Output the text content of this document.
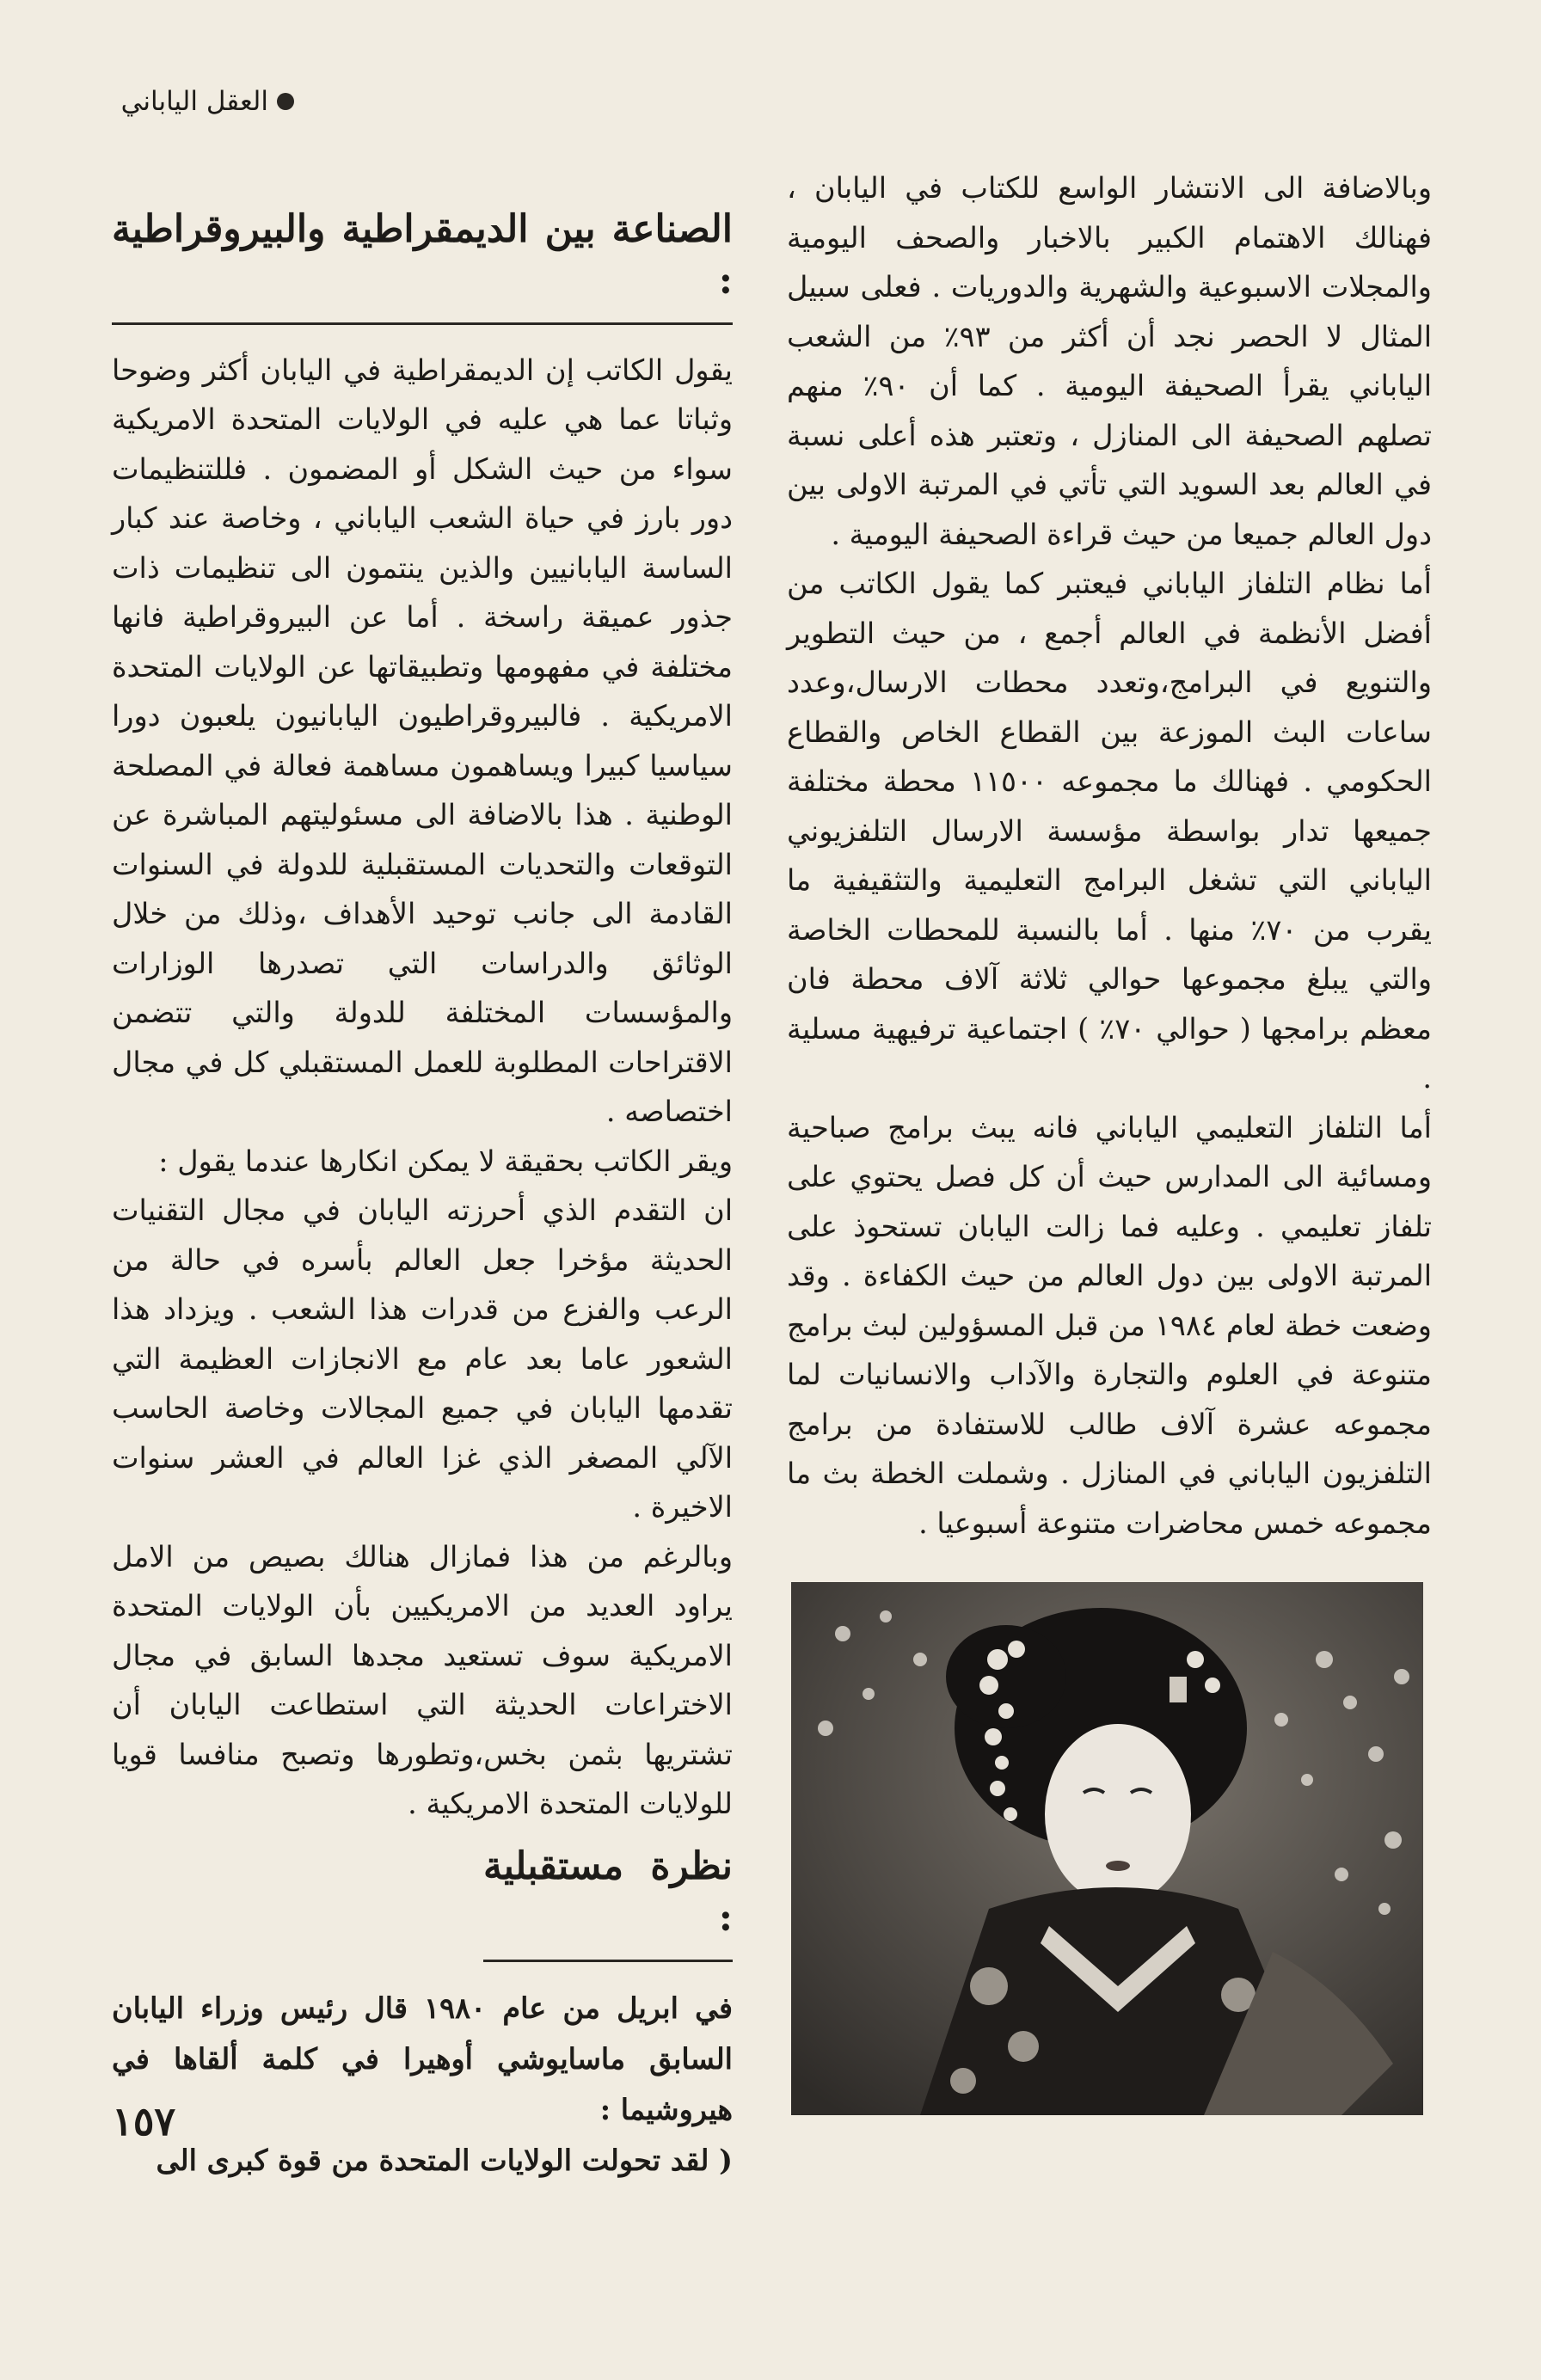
العقل الياباني

وبالاضافة الى الانتشار الواسع للكتاب في اليابان ، فهنالك الاهتمام الكبير بالاخبار والصحف اليومية والمجلات الاسبوعية والشهرية والدوريات . فعلى سبيل المثال لا الحصر نجد أن أكثر من ٩٣٪ من الشعب الياباني يقرأ الصحيفة اليومية . كما أن ٩٠٪ منهم تصلهم الصحيفة الى المنازل ، وتعتبر هذه أعلى نسبة في العالم بعد السويد التي تأتي في المرتبة الاولى بين دول العالم جميعا من حيث قراءة الصحيفة اليومية .

أما نظام التلفاز الياباني فيعتبر كما يقول الكاتب من أفضل الأنظمة في العالم أجمع ، من حيث التطوير والتنويع في البرامج،وتعدد محطات الارسال،وعدد ساعات البث الموزعة بين القطاع الخاص والقطاع الحكومي . فهنالك ما مجموعه ١١٥٠٠ محطة مختلفة جميعها تدار بواسطة مؤسسة الارسال التلفزيوني الياباني التي تشغل البرامج التعليمية والتثقيفية ما يقرب من ٧٠٪ منها . أما بالنسبة للمحطات الخاصة والتي يبلغ مجموعها حوالي ثلاثة آلاف محطة فان معظم برامجها ( حوالي ٧٠٪ ) اجتماعية ترفيهية مسلية .

أما التلفاز التعليمي الياباني فانه يبث برامج صباحية ومسائية الى المدارس حيث أن كل فصل يحتوي على تلفاز تعليمي . وعليه فما زالت اليابان تستحوذ على المرتبة الاولى بين دول العالم من حيث الكفاءة . وقد وضعت خطة لعام ١٩٨٤ من قبل المسؤولين لبث برامج متنوعة في العلوم والتجارة والآداب والانسانيات لما مجموعه عشرة آلاف طالب للاستفادة من برامج التلفزيون الياباني في المنازل . وشملت الخطة بث ما مجموعه خمس محاضرات متنوعة أسبوعيا .

الصناعة بين الديمقراطية والبيروقراطية :

يقول الكاتب إن الديمقراطية في اليابان أكثر وضوحا وثباتا عما هي عليه في الولايات المتحدة الامريكية سواء من حيث الشكل أو المضمون . فللتنظيمات دور بارز في حياة الشعب الياباني ، وخاصة عند كبار الساسة اليابانيين والذين ينتمون الى تنظيمات ذات جذور عميقة راسخة . أما عن البيروقراطية فانها مختلفة في مفهومها وتطبيقاتها عن الولايات المتحدة الامريكية . فالبيروقراطيون اليابانيون يلعبون دورا سياسيا كبيرا ويساهمون مساهمة فعالة في المصلحة الوطنية . هذا بالاضافة الى مسئوليتهم المباشرة عن التوقعات والتحديات المستقبلية للدولة في السنوات القادمة الى جانب توحيد الأهداف ،وذلك من خلال الوثائق والدراسات التي تصدرها الوزارات والمؤسسات المختلفة للدولة والتي تتضمن الاقتراحات المطلوبة للعمل المستقبلي كل في مجال اختصاصه .

ويقر الكاتب بحقيقة لا يمكن انكارها عندما يقول :

ان التقدم الذي أحرزته اليابان في مجال التقنيات الحديثة مؤخرا جعل العالم بأسره في حالة من الرعب والفزع من قدرات هذا الشعب . ويزداد هذا الشعور عاما بعد عام مع الانجازات العظيمة التي تقدمها اليابان في جميع المجالات وخاصة الحاسب الآلي المصغر الذي غزا العالم في العشر سنوات الاخيرة .

وبالرغم من هذا فمازال هنالك بصيص من الامل يراود العديد من الامريكيين بأن الولايات المتحدة الامريكية سوف تستعيد مجدها السابق في مجال الاختراعات الحديثة التي استطاعت اليابان أن تشتريها بثمن بخس،وتطورها وتصبح منافسا قويا للولايات المتحدة الامريكية .

نظرة مستقبلية :

في ابريل من عام ١٩٨٠ قال رئيس وزراء اليابان السابق ماسايوشي أوهيرا في كلمة ألقاها في هيروشيما :

( لقد تحولت الولايات المتحدة من قوة كبرى الى

١٥٧
